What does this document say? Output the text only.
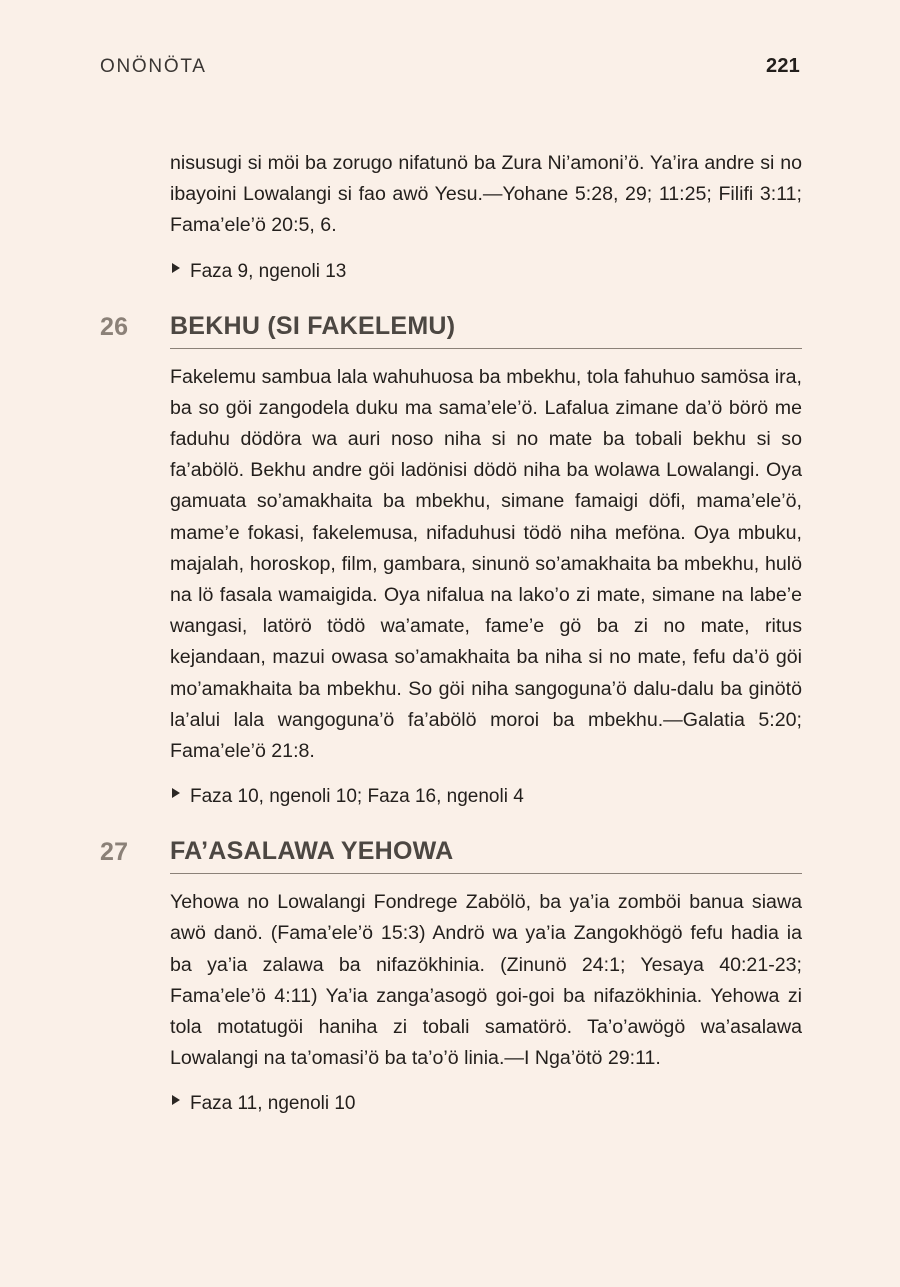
ONÖNÖTA	221

nisusugi si möi ba zorugo nifatunö ba Zura Ni’amoni’ö. Ya’ira andre si no ibayoini Lowalangi si fao awö Yesu.—Yohane 5:28, 29; 11:25; Filifi 3:11; Fama’ele’ö 20:5, 6.

Faza 9, ngenoli 13
26	BEKHU (SI FAKELEMU)

Fakelemu sambua lala wahuhuosa ba mbekhu, tola fahuhuo samösa ira, ba so göi zangodela duku ma sama’ele’ö. Lafalua zimane da’ö börö me faduhu dödöra wa auri noso niha si no mate ba tobali bekhu si so fa’abölö. Bekhu andre göi ladönisi dödö niha ba wolawa Lowalangi. Oya gamuata so’amakhaita ba mbekhu, simane famaigi döfi, mama’ele’ö, mame’e fokasi, fakelemusa, nifaduhusi tödö niha meföna. Oya mbuku, majalah, horoskop, film, gambara, sinunö so’amakhaita ba mbekhu, hulö na lö fasala wamaigida. Oya nifalua na lako’o zi mate, simane na labe’e wangasi, latörö tödö wa’amate, fame’e gö ba zi no mate, ritus kejandaan, mazui owasa so’amakhaita ba niha si no mate, fefu da’ö göi mo’amakhaita ba mbekhu. So göi niha sangoguna’ö dalu-dalu ba ginötö la’alui lala wangoguna’ö fa’abölö moroi ba mbekhu.—Galatia 5:20; Fama’ele’ö 21:8.

Faza 10, ngenoli 10; Faza 16, ngenoli 4
27	FA’ASALAWA YEHOWA

Yehowa no Lowalangi Fondrege Zabölö, ba ya’ia zomböi banua siawa awö danö. (Fama’ele’ö 15:3) Andrö wa ya’ia Zangokhögö fefu hadia ia ba ya’ia zalawa ba nifazökhinia. (Zinunö 24:1; Yesaya 40:21-23; Fama’ele’ö 4:11) Ya’ia zanga’asogö goi-goi ba nifazökhinia. Yehowa zi tola motatugöi haniha zi tobali samatörö. Ta’o’awögö wa’asalawa Lowalangi na ta’omasi’ö ba ta’o’ö linia.—I Nga’ötö 29:11.

Faza 11, ngenoli 10
